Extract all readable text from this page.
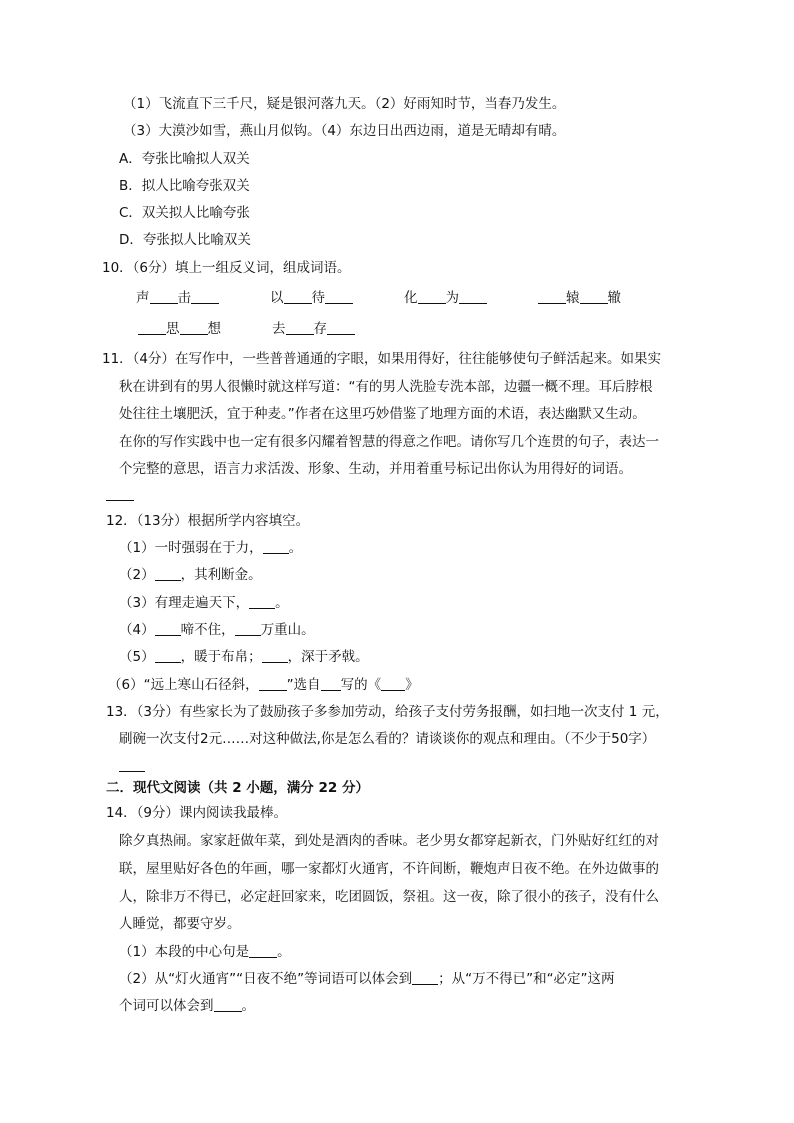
（1）飞流直下三千尺，疑是银河落九天。（2）好雨知时节，当春乃发生。
（3）大漠沙如雪，燕山月似钩。（4）东边日出西边雨，道是无晴却有晴。
A．夸张比喻拟人双关
B．拟人比喻夸张双关
C．双关拟人比喻夸张
D．夸张拟人比喻双关
10．（6分）填上一组反义词，组成词语。
声 击	以 待	化 为	辕 辙
思 想	去 存
11．（4分）在写作中，一些普普通通的字眼，如果用得好，往往能够使句子鲜活起来。如果实
秋在讲到有的男人很懒时就这样写道：“有的男人洗脸专洗本部，边疆一概不理。耳后脖根
处往往土壤肥沃，宜于种麦。”作者在这里巧妙借鉴了地理方面的术语，表达幽默又生动。
在你的写作实践中也一定有很多闪耀着智慧的得意之作吧。请你写几个连贯的句子，表达一
个完整的意思，语言力求活泼、形象、生动，并用着重号标记出你认为用得好的词语。
12．（13分）根据所学内容填空。
（1）一时强弱在于力， 。
（2） ，其利断金。
（3）有理走遍天下， 。
（4） 啼不住， 万重山。
（5） ，暖于布帛； ，深于矛戟。
（6）“远上寒山石径斜， ”选自 写的《 》
13．（3分）有些家长为了鼓励孩子多参加劳动，给孩子支付劳务报酬，如扫地一次支付 1 元，
刷碗一次支付2元……对这种做法,你是怎么看的？请谈谈你的观点和理由。（不少于50字）
二．现代文阅读（共 2 小题，满分 22 分）
14．（9分）课内阅读我最棒。
除夕真热闹。家家赶做年菜，到处是酒肉的香味。老少男女都穿起新衣，门外贴好红红的对
联，屋里贴好各色的年画，哪一家都灯火通宵，不许间断，鞭炮声日夜不绝。在外边做事的
人，除非万不得已，必定赶回家来，吃团圆饭，祭祖。这一夜，除了很小的孩子，没有什么
人睡觉，都要守岁。
（1）本段的中心句是 。
（2）从“灯火通宵”“日夜不绝”等词语可以体会到 ；从“万不得已”和“必定”这两
个词可以体会到 。
